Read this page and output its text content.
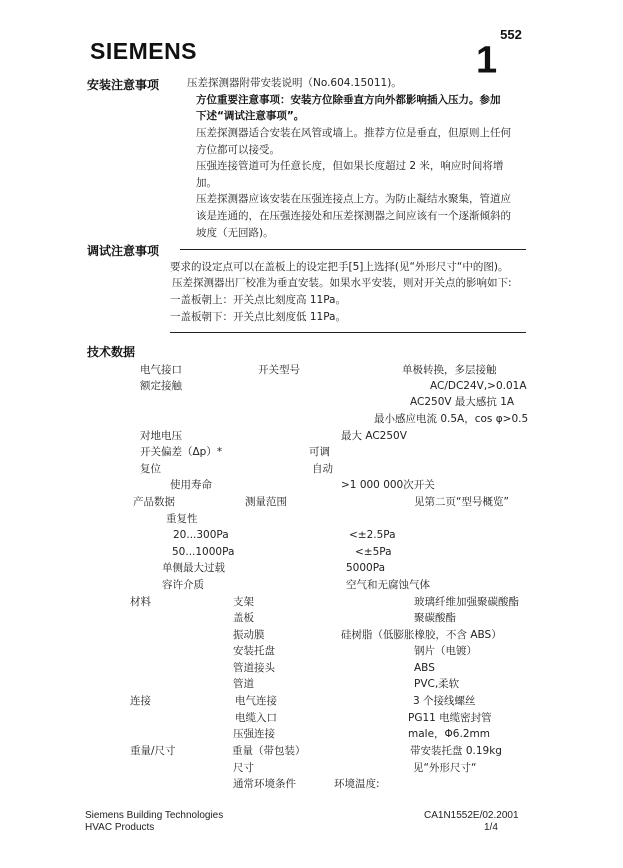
SIEMENS	$1^{552}$
安装注意事项	压差探测器附带安装说明（No.604.15011)。
方位重要注意事项：安装方位除垂直方向外都影响插入压力。参加
下述“调试注意事项”。
压差探测器适合安装在风管或墙上。推荐方位是垂直，但原则上任何
方位都可以接受。
压强连接管道可为任意长度，但如果长度超过 2 米，响应时间将增
加。
压差探测器应该安装在压强连接点上方。为防止凝结水聚集，管道应
该是连通的，在压强连接处和压差探测器之间应该有一个逐渐倾斜的
坡度（无回路)。
调试注意事项
要求的设定点可以在盖板上的设定把手[5]上选择(见“外形尺寸“中的图)。
压差探测器出厂校准为垂直安装。如果水平安装，则对开关点的影响如下:
一盖板朝上：开关点比刻度高 11Pa。
一盖板朝下：开关点比刻度低 11Pa。
技术数据
电气接口	开关型号	单极转换，多层接触
额定接触	AC/DC24V,>0.01A
AC250V 最大感抗 1A
最小感应电流 0.5A，cos φ>0.5
对地电压	最大 AC250V
开关偏差（Δp）*	可调
复位	自动
使用寿命	>1 000 000次开关
产品数据	测量范围	见第二页“型号概览”
重复性
20...300Pa	<±2.5Pa
50...1000Pa	<±5Pa
单侧最大过载	5000Pa
容许介质	空气和无腐蚀气体
材料	支架	玻璃纤维加强聚碳酸酯
盖板	聚碳酸酯
振动膜	硅树脂（低膨胀橡胶，不含 ABS）
安装托盘	钢片（电镀）
管道接头	ABS
管道	PVC,柔软
连接	电气连接	3 个接线螺丝
电缆入口	PG11 电缆密封管
压强连接	male，Φ6.2mm
重量/尺寸	重量（带包装）	带安装托盘 0.19kg
尺寸	见“外形尺寸“
通常环境条件	环境温度:
Siemens Building Technologies
HVAC Products
CA1N1552E/02.2001
1/4
